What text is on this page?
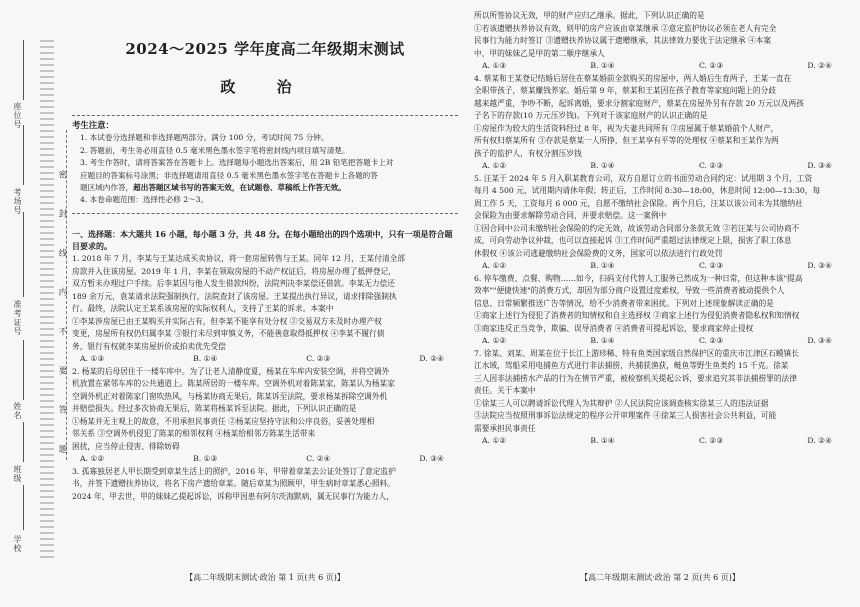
座位号
考场号
准考证号
姓名
班级
学校
密 封 线 内 不 要 答 题
2024～2025 学年度高二年级期末测试
政 治
考生注意：

1. 本试卷分选择题和非选择题两部分。满分 100 分，考试时间 75 分钟。

2. 答题前，考生务必用直径 0.5 毫米黑色墨水签字笔将密封线内项目填写清楚。

3. 考生作答时，请将答案答在答题卡上。选择题每小题选出答案后，用 2B 铅笔把答题卡上对

应题目的答案标号涂黑；非选择题请用直径 0.5 毫米黑色墨水签字笔在答题卡上各题的答

题区域内作答，超出答题区域书写的答案无效，在试题卷、草稿纸上作答无效。

4. 本卷命题范围：选择性必修 2～3。

一、选择题：本大题共 16 小题，每小题 3 分，共 48 分。在每小题给出的四个选项中，只有一项是符合题目要求的。

1. 2018 年 7 月，李某与王某达成买卖协议，将一套房屋转售与王某。同年 12 月，王某付清全部

房款并入住该房屋。2019 年 1 月，李某在领取房屋的不动产权证后，将房屋办理了抵押登记，

双方暂未办理过户手续。后李某因与他人发生借款纠纷，法院判决李某偿还借款。李某无力偿还

189 余万元，袁某请求法院强制执行，法院查封了该房屋。王某提出执行异议，请求排除强制执

行。最终，法院认定王某系该房屋的实际权利人，支持了王某的诉求。本案中

①李某涉房屋已由王某购买并实际占有，但李某不能享有处分权 ②交易双方未及时办理产权

变更，房屋所有权仍归属李某 ③银行未尽到审慎义务，不能善意取得抵押权 ④李某不履行债

务，银行有权就李某房屋折价或拍卖优先受偿

A. ①③	B. ①④	C. ②③	D. ②④

2. 杨某的后母居住于一楼车库中。为了让老人清静度夏，杨某在车库内安装空调，并将空调外

机放置在紧邻车库的公共通道上。陈某所居的一楼车库。空调外机对着陈某家，陈某认为杨某家

空调外机正对着陈家门窗吹热风，与杨某协商无果后，陈某诉至法院，要求杨某拆除空调外机

并赔偿损失。经过多次协商无果后，陈某将杨某诉至法院。据此，下列认识正确的是

①杨某并无主观上的故意，不用承担民事责任 ②杨某应坚持守法和公序良俗，妥善处理相

邻关系 ③空调外机侵犯了陈某的相邻权利 ④杨某给相邻方陈某生活带来

困扰，应当停止侵害、排除妨碍

A. ①②	B. ①③	C. ②④	D. ③④

3. 孤寡独居老人甲长期受到章某生活上的照护，2016 年，甲带着章某去公证处签订了意定监护

书，并签下遗赠扶养协议，将名下房产遗给章某。随后章某为照顾甲，甲生病时章某悉心照料。

2024 年，甲去世，甲的妹妹乙提起诉讼，诉称甲因患有阿尔茨海默病，属无民事行为能力人，

【高二年级期末测试·政治 第 1 页(共 6 页)】

所以所签协议无效，甲的财产应归乙继承。据此，下列认识正确的是

①若该遗赠扶养协议有效，则甲的房产应该由章某继承 ②意定监护协议必须在老人有完全

民事行为能力时签订 ③遗赠扶养协议属于遗赠继承，其法律效力要优于法定继承 ④本案

中，甲的妹妹乙是甲的第二顺序继承人

A. ①③	B. ①④	C. ②③	D. ②④

4. 蔡某和王某登记结婚后居住在蔡某婚前全款购买的房屋中，两人婚后生育两子，王某一直在

全职带孩子，蔡某赚钱养家。婚后第 9 年，蔡某和王某因在孩子教育等家庭问题上的分歧

越来越严重，争吵不断，起诉离婚，要求分割家庭财产，蔡某在房屋外另有存款 20 万元以及两孩

子名下的存款(10 万元压岁钱)。下列对于该家庭财产的认识正确的是

①房屋作为较大的生活资料经过 8 年，视为夫妻共同所有 ②房屋属于蔡某婚前个人财产，

所有权归蔡某所有 ③存款是蔡某一人所挣，但王某享有平等的处理权 ④蔡某和王某作为两

孩子的监护人，有权分割压岁钱

A. ①②	B. ①④	C. ②③	D. ③④

5. 汪某于 2024 年 5 月入职某教育公司，双方自愿订立的书面劳动合同约定：试用期 3 个月，工资

每月 4 500 元，试用期内请休年假；转正后，工作时间 8:30—18:00，休息时间 12:00—13:30，每

周工作 5 天，工资每月 6 000 元，自愿不缴纳社会保险。两个月后，汪某以该公司未为其缴纳社

会保险为由要求解除劳动合同，并要求赔偿。这一案例中

①因合同中公司未缴纳社会保险的约定无效，故该劳动合同部分条款无效 ②若汪某与公司协商不

成，可向劳动争议仲裁，也可以直接起诉 ③工作时间严重超过法律规定上限，损害了职工体息

休假权 ④该公司逃避缴纳社会保险费的义务，国家可以依法进行行政处罚

A. ①②	B. ①④	C. ②③	D. ③④

6. 停车缴费、点餐、购物……如今，扫码支付代替人工服务已然成为一种日常，但这种本该"提高

效率""便捷快速"的消费方式，却因为部分商户设置过度索权，导致一些消费者被动提供个人

信息、日常频繁推送广告等情况，给不少消费者带来困扰。下列对上述现象解读正确的是

①商家上述行为侵犯了消费者的知情权和自主选择权 ②商家上述行为侵犯消费者隐私权和知情权

③商家违反正当竞争，欺骗、误导消费者 ④消费者可提起诉讼，要求商家停止侵权

A. ①②	B. ①④	C. ②③	D. ③④

7. 徐某、刘某、周某在位于长江上游珍稀、特有鱼类国家级自然保护区的重庆市江津区石蟆镇长

江水域，驾船采用电捕鱼方式进行非法捕捞，共捕获渔获，鲢鱼等野生鱼类约 15 千克。徐某

三人因非法捕捞水产品的行为在情节严重，被检察机关提起公诉，要求追究其非法捕捞罪的法律

责任。关于本案中

①徐某三人可以聘请诉讼代理人为其辩护 ②人民法院应该调查核实徐某三人的违法证据

③法院应当按照刑事诉讼法规定的程序公开审理案件 ④徐某三人损害社会公共利益，可能

需要承担民事责任

A. ①②	B. ①④	C. ②③	D. ②④
【高二年级期末测试·政治 第 2 页(共 6 页)】
